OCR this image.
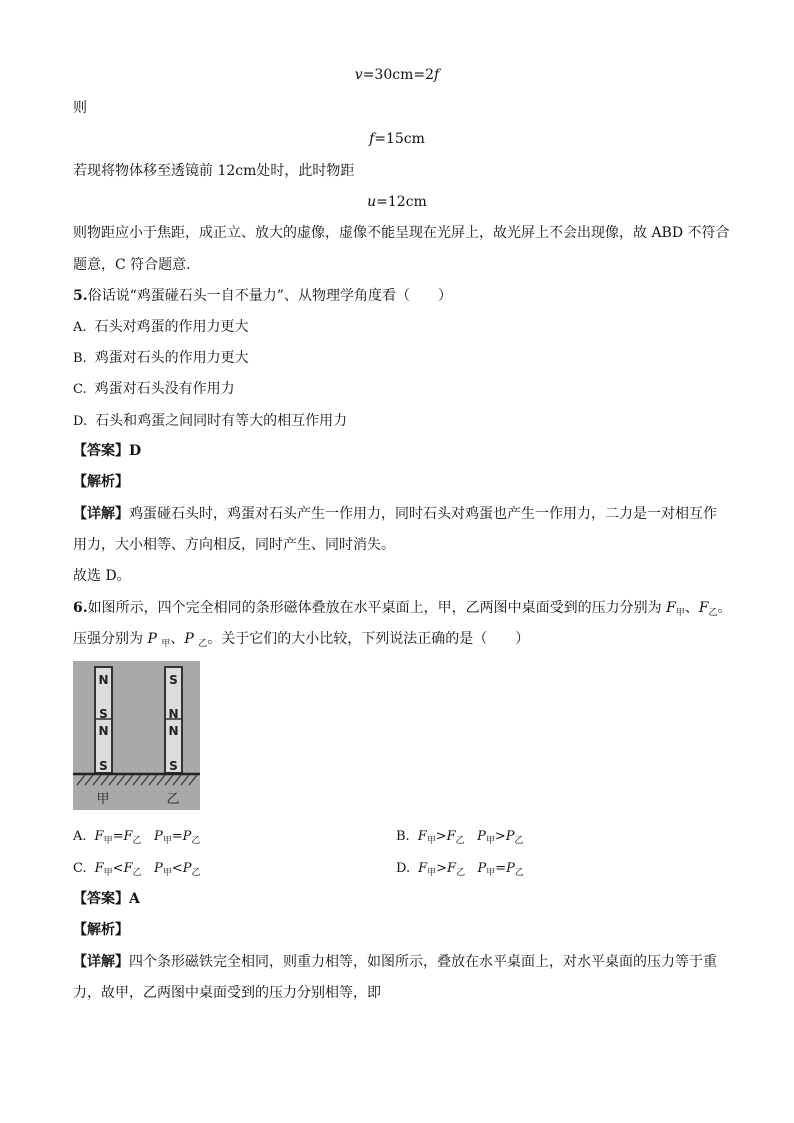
v=30cm=2f
则
f=15cm
若现将物体移至透镜前 12cm处时，此时物距
u=12cm
则物距应小于焦距，成正立、放大的虚像，虚像不能呈现在光屏上，故光屏上不会出现像，故 ABD 不符合
题意，C 符合题意．
5.俗话说“鸡蛋碰石头一自不量力”、从物理学角度看（　　）
A. 石头对鸡蛋的作用力更大
B. 鸡蛋对石头的作用力更大
C. 鸡蛋对石头没有作用力
D. 石头和鸡蛋之间同时有等大的相互作用力
【答案】D
【解析】
【详解】鸡蛋碰石头时，鸡蛋对石头产生一作用力，同时石头对鸡蛋也产生一作用力，二力是一对相互作
用力，大小相等、方向相反，同时产生、同时消失。
故选 D。
6.如图所示，四个完全相同的条形磁体叠放在水平桌面上，甲，乙两图中桌面受到的压力分别为 $F_甲$、$F_乙$。
压强分别为 P $_甲$、P $_乙$。关于它们的大小比较，下列说法正确的是（　　）
N
S
N
S
S
N
N
S
甲	乙
A. $F_甲=F_乙$ $P_甲=P_乙$	B. $F_甲>F_乙$ $P_甲>P_乙$
C. $F_甲<F_乙$ $P_甲<P_乙$	D. $F_甲>F_乙$ $P_甲=P_乙$
【答案】A
【解析】
【详解】四个条形磁铁完全相同，则重力相等，如图所示，叠放在水平桌面上，对水平桌面的压力等于重
力，故甲，乙两图中桌面受到的压力分别相等，即
